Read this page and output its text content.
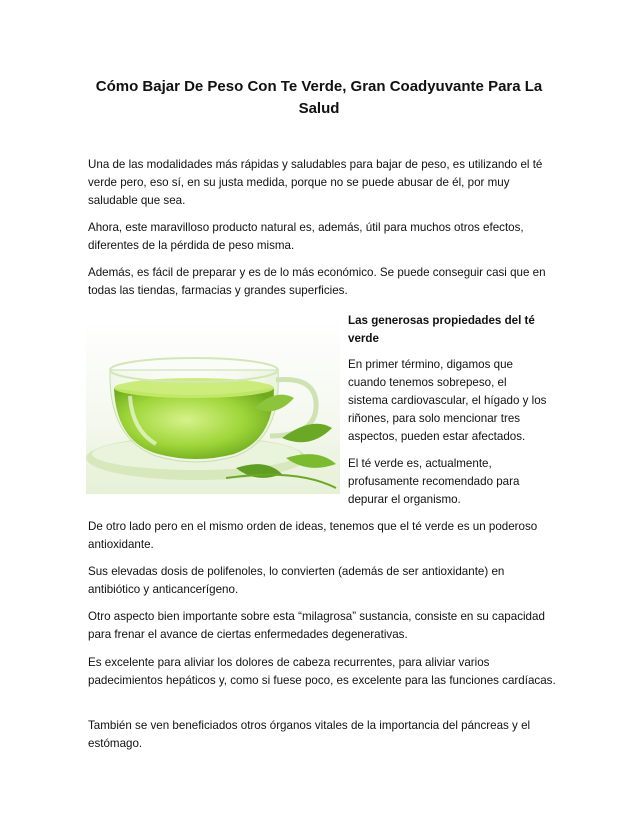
Cómo Bajar De Peso Con Te Verde, Gran Coadyuvante Para La Salud

Una de las modalidades más rápidas y saludables para bajar de peso, es utilizando el té verde pero, eso sí, en su justa medida, porque no se puede abusar de él, por muy saludable que sea.

Ahora, este maravilloso producto natural es, además, útil para muchos otros efectos, diferentes de la pérdida de peso misma.

Además, es fácil de preparar y es de lo más económico. Se puede conseguir casi que en todas las tiendas, farmacias y grandes superficies.

Las generosas propiedades del té verde

En primer término, digamos que cuando tenemos sobrepeso, el sistema cardiovascular, el hígado y los riñones, para solo mencionar tres aspectos, pueden estar afectados.

El té verde es, actualmente, profusamente recomendado para depurar el organismo.

De otro lado pero en el mismo orden de ideas, tenemos que el té verde es un poderoso antioxidante.

Sus elevadas dosis de polifenoles, lo convierten (además de ser antioxidante) en antibiótico y anticancerígeno.

Otro aspecto bien importante sobre esta “milagrosa” sustancia, consiste en su capacidad para frenar el avance de ciertas enfermedades degenerativas.

Es excelente para aliviar los dolores de cabeza recurrentes, para aliviar varios padecimientos hepáticos y, como si fuese poco, es excelente para las funciones cardíacas.

También se ven beneficiados otros órganos vitales de la importancia del páncreas y el estómago.
